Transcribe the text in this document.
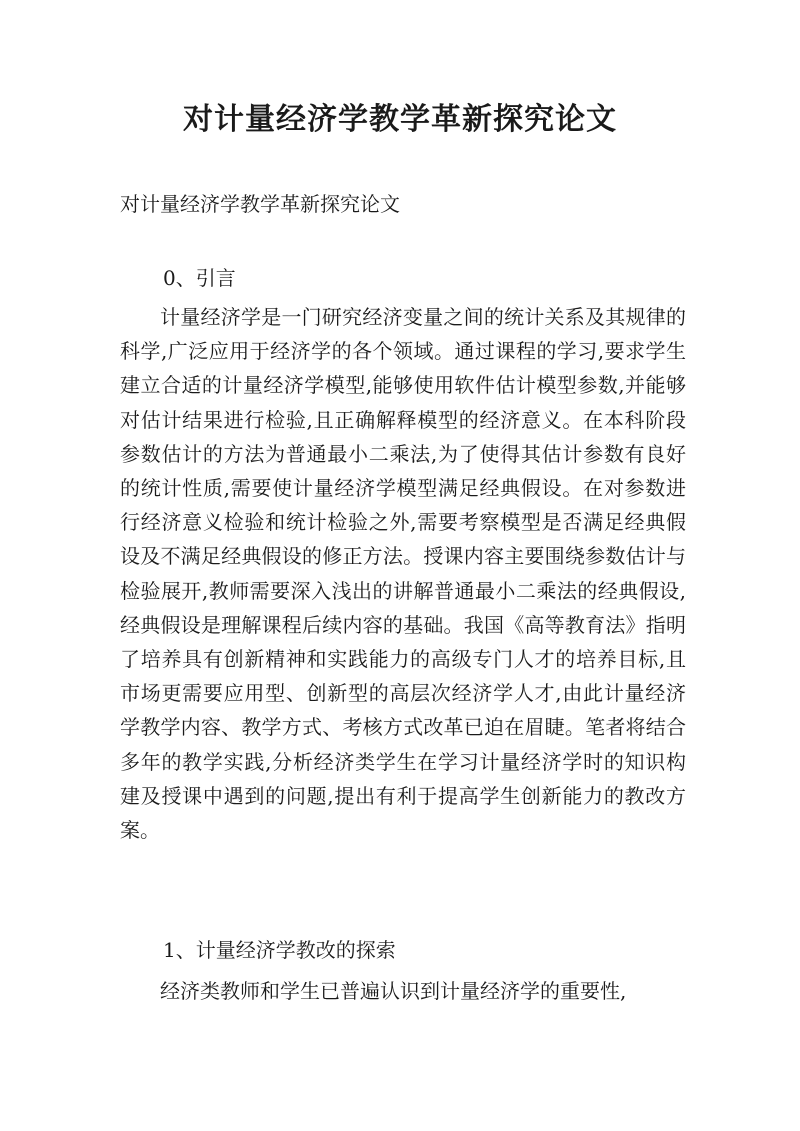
对计量经济学教学革新探究论文

对计量经济学教学革新探究论文

0、引言

计量经济学是一门研究经济变量之间的统计关系及其规律的科学,广泛应用于经济学的各个领域。通过课程的学习,要求学生建立合适的计量经济学模型,能够使用软件估计模型参数,并能够对估计结果进行检验,且正确解释模型的经济意义。在本科阶段参数估计的方法为普通最小二乘法,为了使得其估计参数有良好的统计性质,需要使计量经济学模型满足经典假设。在对参数进行经济意义检验和统计检验之外,需要考察模型是否满足经典假设及不满足经典假设的修正方法。授课内容主要围绕参数估计与检验展开,教师需要深入浅出的讲解普通最小二乘法的经典假设,经典假设是理解课程后续内容的基础。我国《高等教育法》指明了培养具有创新精神和实践能力的高级专门人才的培养目标,且市场更需要应用型、创新型的高层次经济学人才,由此计量经济学教学内容、教学方式、考核方式改革已迫在眉睫。笔者将结合多年的教学实践,分析经济类学生在学习计量经济学时的知识构建及授课中遇到的问题,提出有利于提高学生创新能力的教改方案。

1、计量经济学教改的探索

经济类教师和学生已普遍认识到计量经济学的重要性,
